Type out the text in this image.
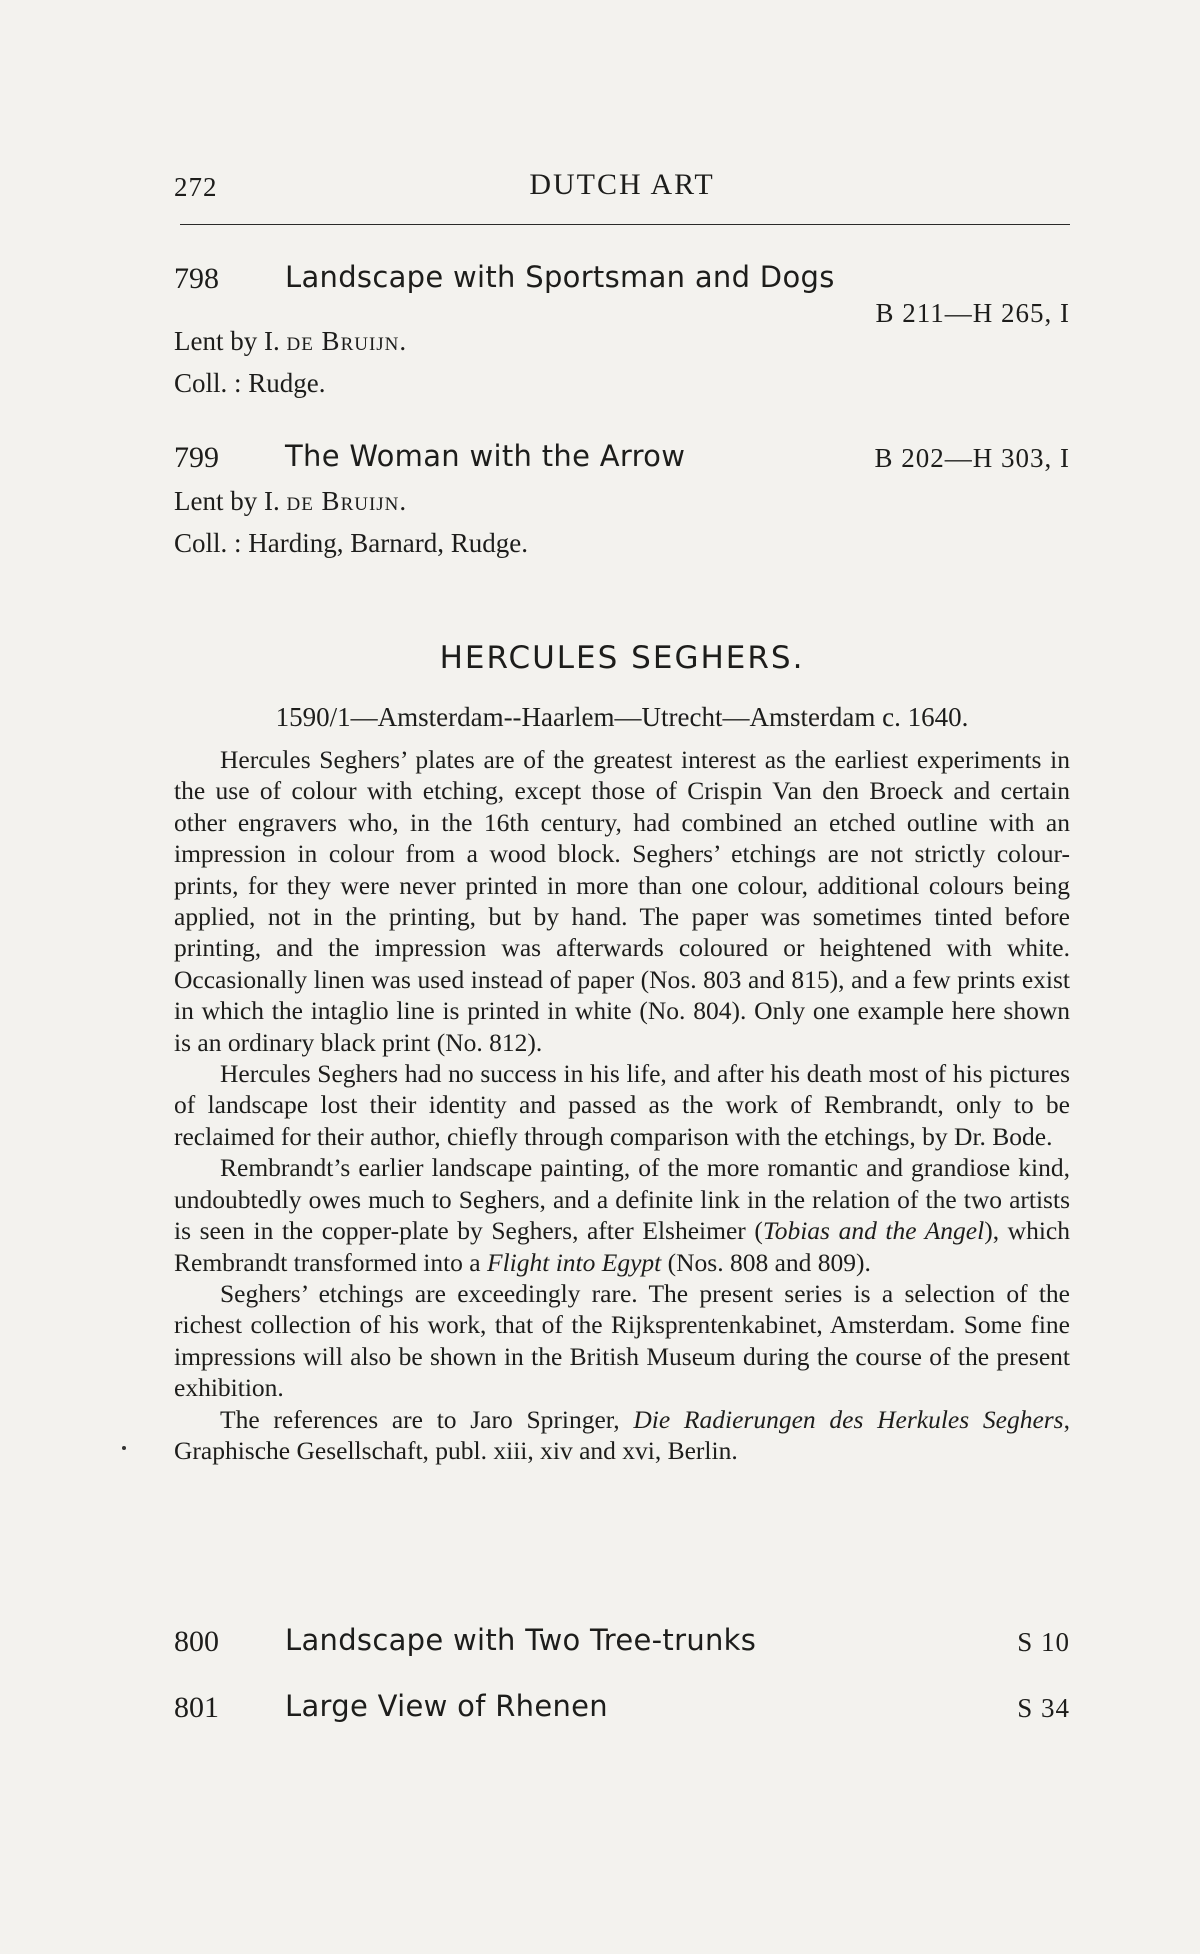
272	DUTCH ART
798 Landscape with Sportsman and Dogs
B 211—H 265, I
Lent by I. de Bruijn.
Coll. : Rudge.
799 The Woman with the Arrow	B 202—H 303, I
Lent by I. de Bruijn.
Coll. : Harding, Barnard, Rudge.
HERCULES SEGHERS.
1590/1—Amsterdam--Haarlem—Utrecht—Amsterdam c. 1640.

Hercules Seghers’ plates are of the greatest interest as the earliest experiments in the use of colour with etching, except those of Crispin Van den Broeck and certain other engravers who, in the 16th century, had combined an etched outline with an impression in colour from a wood block. Seghers’ etchings are not strictly colour-prints, for they were never printed in more than one colour, additional colours being applied, not in the printing, but by hand. The paper was sometimes tinted before printing, and the impression was afterwards coloured or heightened with white. Occasionally linen was used instead of paper (Nos. 803 and 815), and a few prints exist in which the intaglio line is printed in white (No. 804). Only one example here shown is an ordinary black print (No. 812).

Hercules Seghers had no success in his life, and after his death most of his pictures of landscape lost their identity and passed as the work of Rembrandt, only to be reclaimed for their author, chiefly through comparison with the etchings, by Dr. Bode.

Rembrandt’s earlier landscape painting, of the more romantic and grandiose kind, undoubtedly owes much to Seghers, and a definite link in the relation of the two artists is seen in the copper-plate by Seghers, after Elsheimer (Tobias and the Angel), which Rembrandt transformed into a Flight into Egypt (Nos. 808 and 809).

Seghers’ etchings are exceedingly rare. The present series is a selection of the richest collection of his work, that of the Rijksprentenkabinet, Amsterdam. Some fine impressions will also be shown in the British Museum during the course of the present exhibition.

The references are to Jaro Springer, Die Radierungen des Herkules Seghers, Graphische Gesellschaft, publ. xiii, xiv and xvi, Berlin.

800 Landscape with Two Tree-trunks	S 10
801 Large View of Rhenen	S 34
